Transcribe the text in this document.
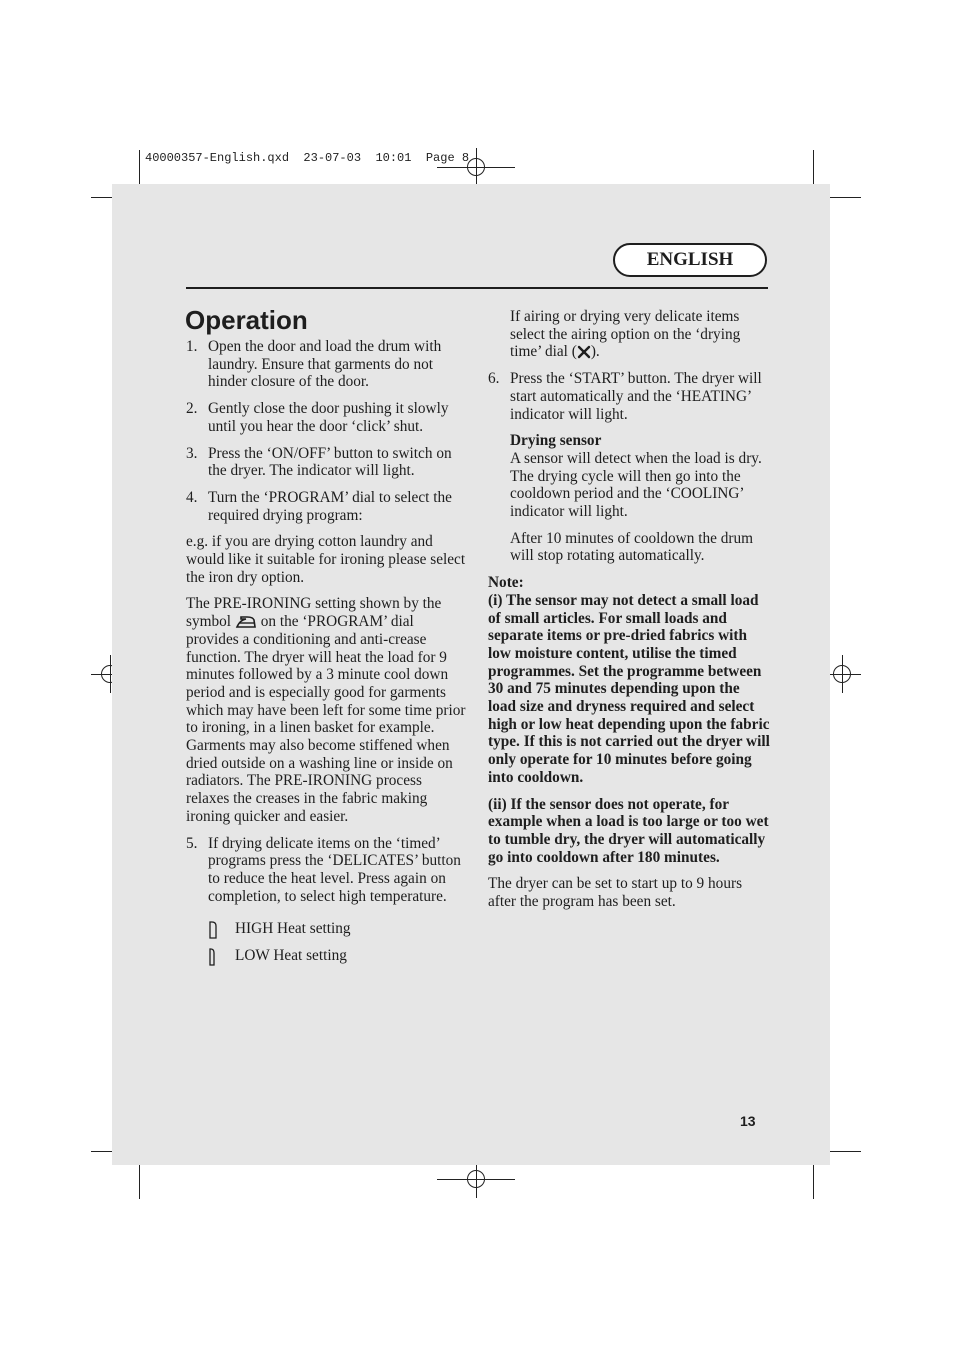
40000357-English.qxd  23-07-03  10:01  Page 8
ENGLISH
Operation
1. Open the door and load the drum with laundry. Ensure that garments do not hinder closure of the door.
2. Gently close the door pushing it slowly until you hear the door ‘click’ shut.
3. Press the ‘ON/OFF’ button to switch on the dryer. The indicator will light.
4. Turn the ‘PROGRAM’ dial to select the required drying program:

e.g. if you are drying cotton laundry and would like it suitable for ironing please select the iron dry option.

The PRE-IRONING setting shown by the symbol on the ‘PROGRAM’ dial provides a conditioning and anti-crease function. The dryer will heat the load for 9 minutes followed by a 3 minute cool down period and is especially good for garments which may have been left for some time prior to ironing, in a linen basket for example. Garments may also become stiffened when dried outside on a washing line or inside on radiators. The PRE-IRONING process relaxes the creases in the fabric making ironing quicker and easier.

5. If drying delicate items on the ‘timed’ programs press the ‘DELICATES’ button to reduce the heat level. Press again on completion, to select high temperature.
HIGH Heat setting
LOW Heat setting

If airing or drying very delicate items select the airing option on the ‘drying time’ dial ( ).

6. Press the ‘START’ button. The dryer will start automatically and the ‘HEATING’ indicator will light.

Drying sensor
A sensor will detect when the load is dry. The drying cycle will then go into the cooldown period and the ‘COOLING’ indicator will light.

After 10 minutes of cooldown the drum will stop rotating automatically.

Note:

(i) The sensor may not detect a small load of small articles. For small loads and separate items or pre-dried fabrics with low moisture content, utilise the timed programmes. Set the programme between 30 and 75 minutes depending upon the load size and dryness required and select high or low heat depending upon the fabric type. If this is not carried out the dryer will only operate for 10 minutes before going into cooldown.

(ii) If the sensor does not operate, for example when a load is too large or too wet to tumble dry, the dryer will automatically go into cooldown after 180 minutes.

The dryer can be set to start up to 9 hours after the program has been set.

13
